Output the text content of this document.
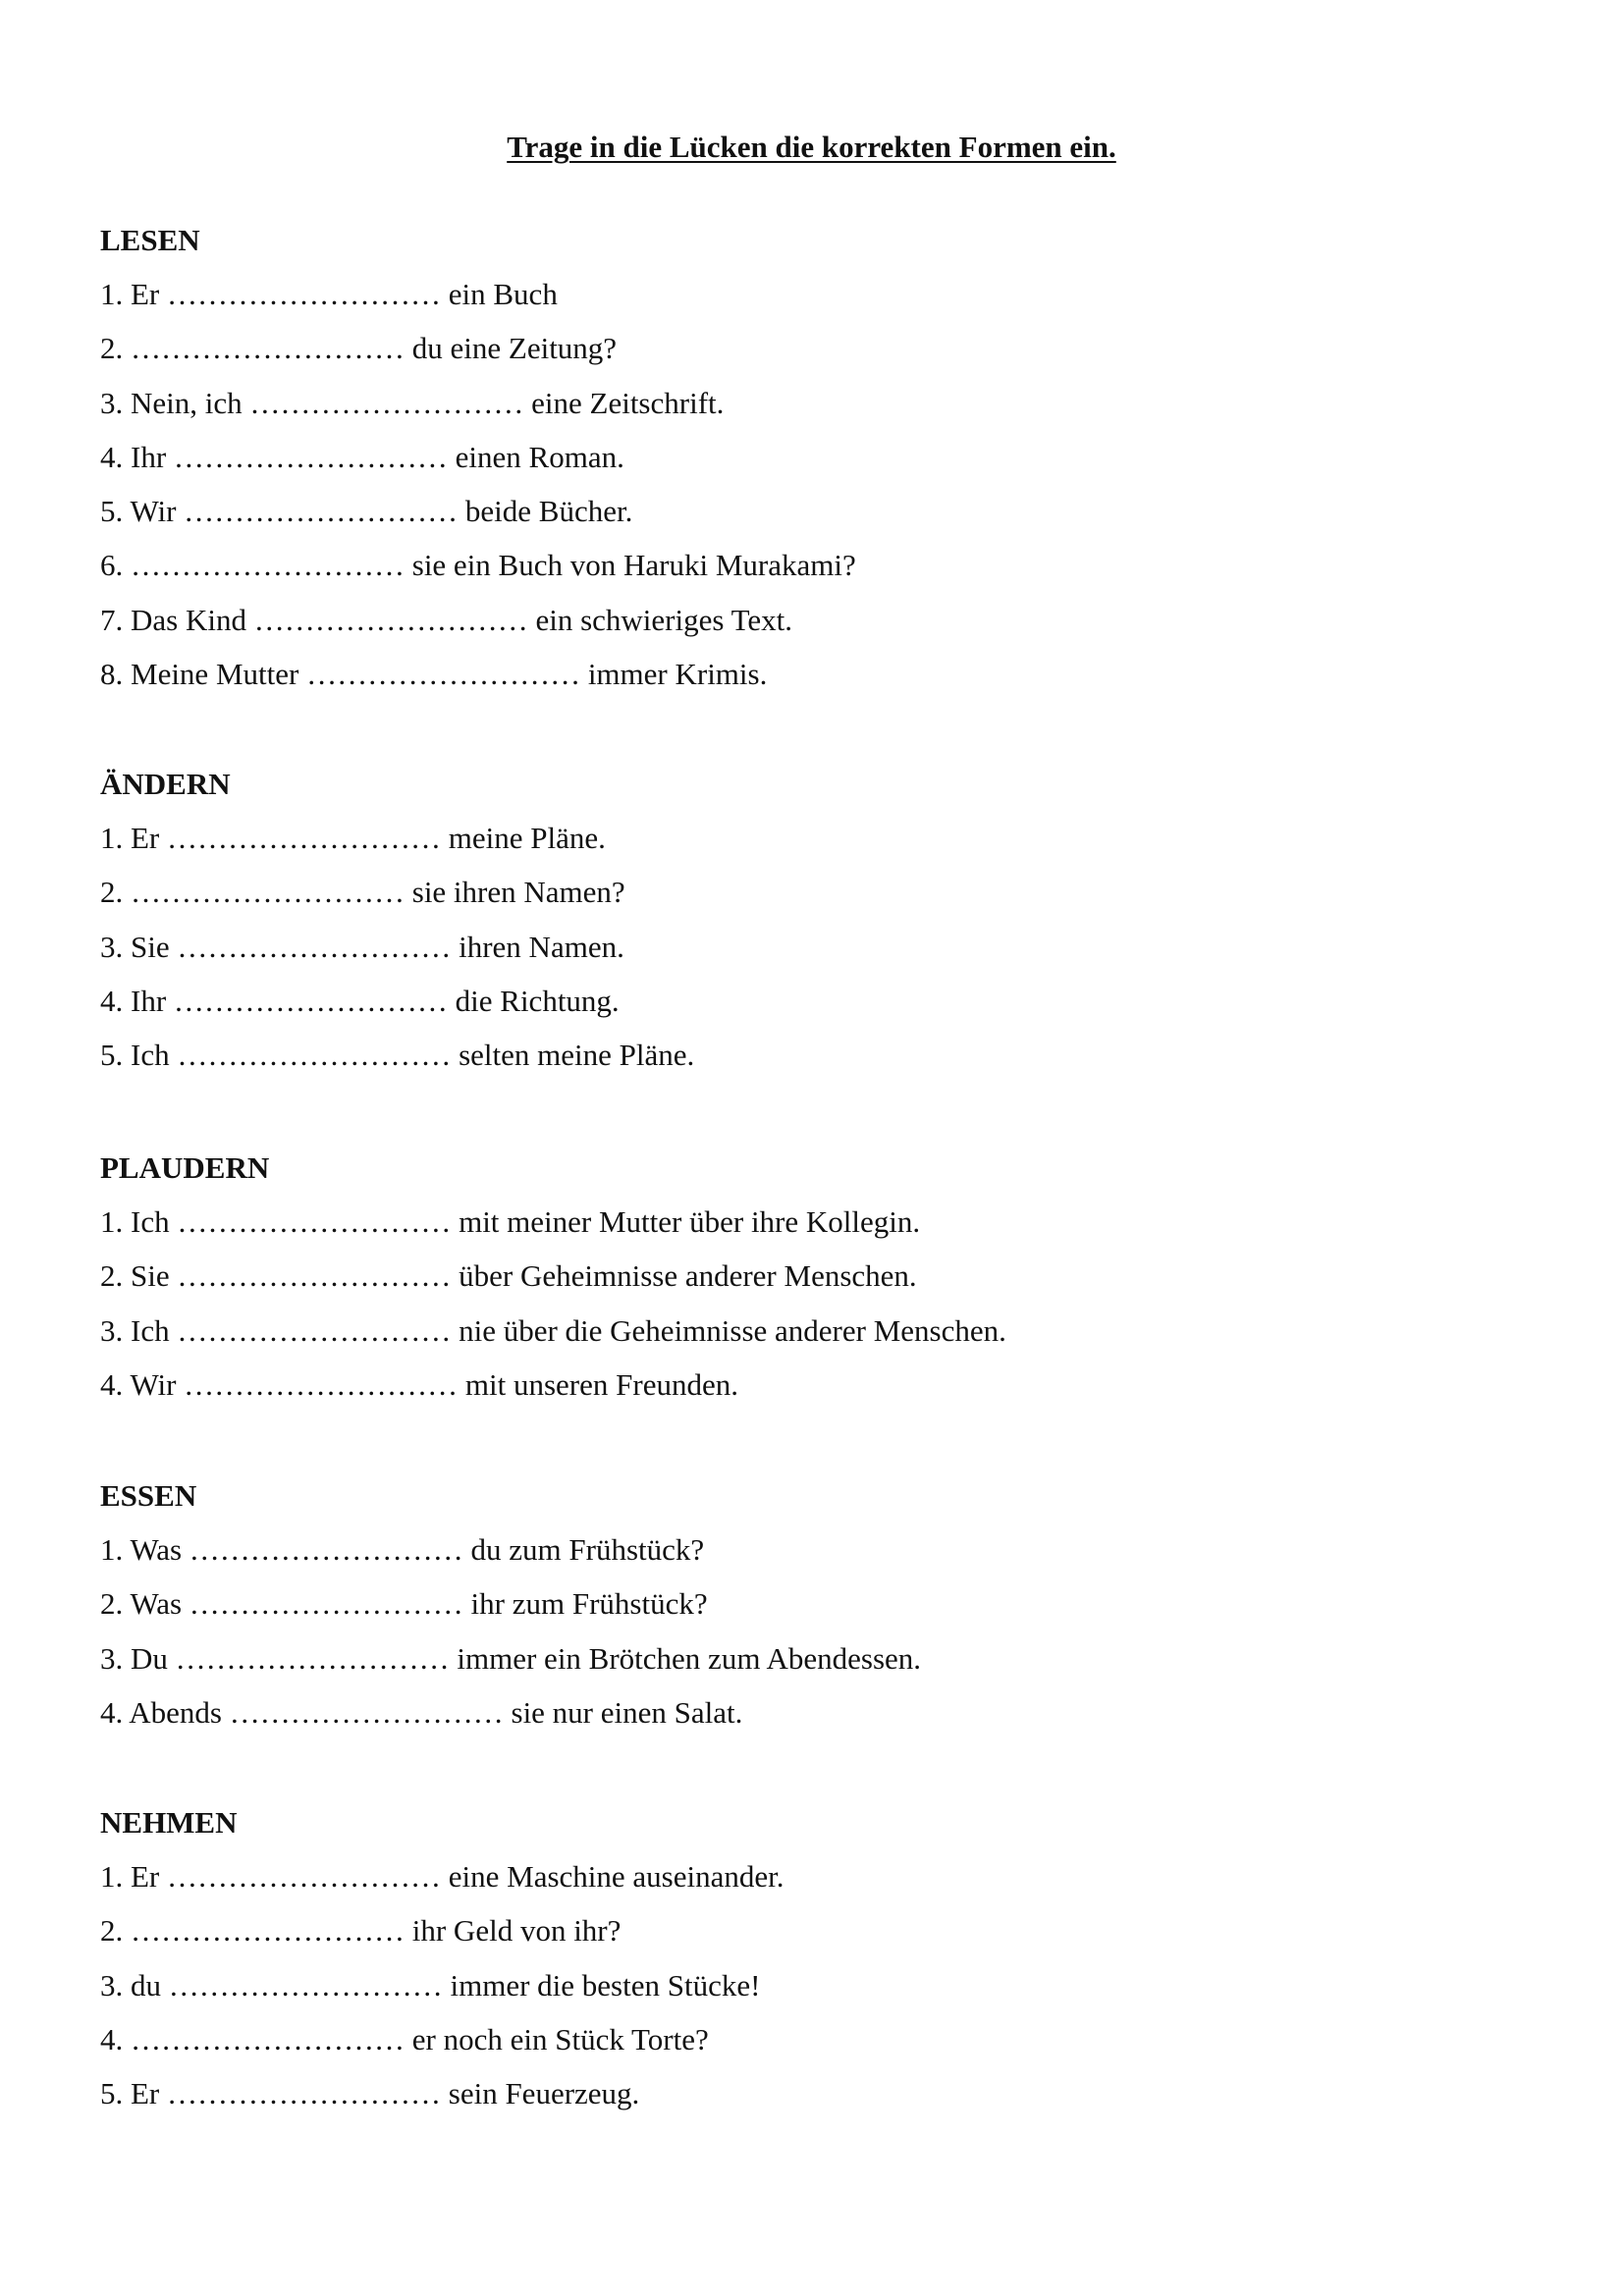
Trage in die Lücken die korrekten Formen ein.
LESEN
1. Er ……………………… ein Buch
2. ……………………… du eine Zeitung?
3. Nein, ich ……………………… eine Zeitschrift.
4. Ihr ……………………… einen Roman.
5. Wir ……………………… beide Bücher.
6. ……………………… sie ein Buch von Haruki Murakami?
7. Das Kind ……………………… ein schwieriges Text.
8. Meine Mutter ……………………… immer Krimis.
ÄNDERN
1. Er ……………………… meine Pläne.
2. ……………………… sie ihren Namen?
3. Sie ……………………… ihren Namen.
4. Ihr ……………………… die Richtung.
5. Ich ……………………… selten meine Pläne.
PLAUDERN
1. Ich ……………………… mit meiner Mutter über ihre Kollegin.
2. Sie ……………………… über Geheimnisse anderer Menschen.
3. Ich ……………………… nie über die Geheimnisse anderer Menschen.
4. Wir ……………………… mit unseren Freunden.
ESSEN
1. Was ……………………… du zum Frühstück?
2. Was ……………………… ihr zum Frühstück?
3. Du ……………………… immer ein Brötchen zum Abendessen.
4. Abends ……………………… sie nur einen Salat.
NEHMEN
1. Er ……………………… eine Maschine auseinander.
2. ……………………… ihr Geld von ihr?
3. du ……………………… immer die besten Stücke!
4. ……………………… er noch ein Stück Torte?
5. Er ……………………… sein Feuerzeug.
